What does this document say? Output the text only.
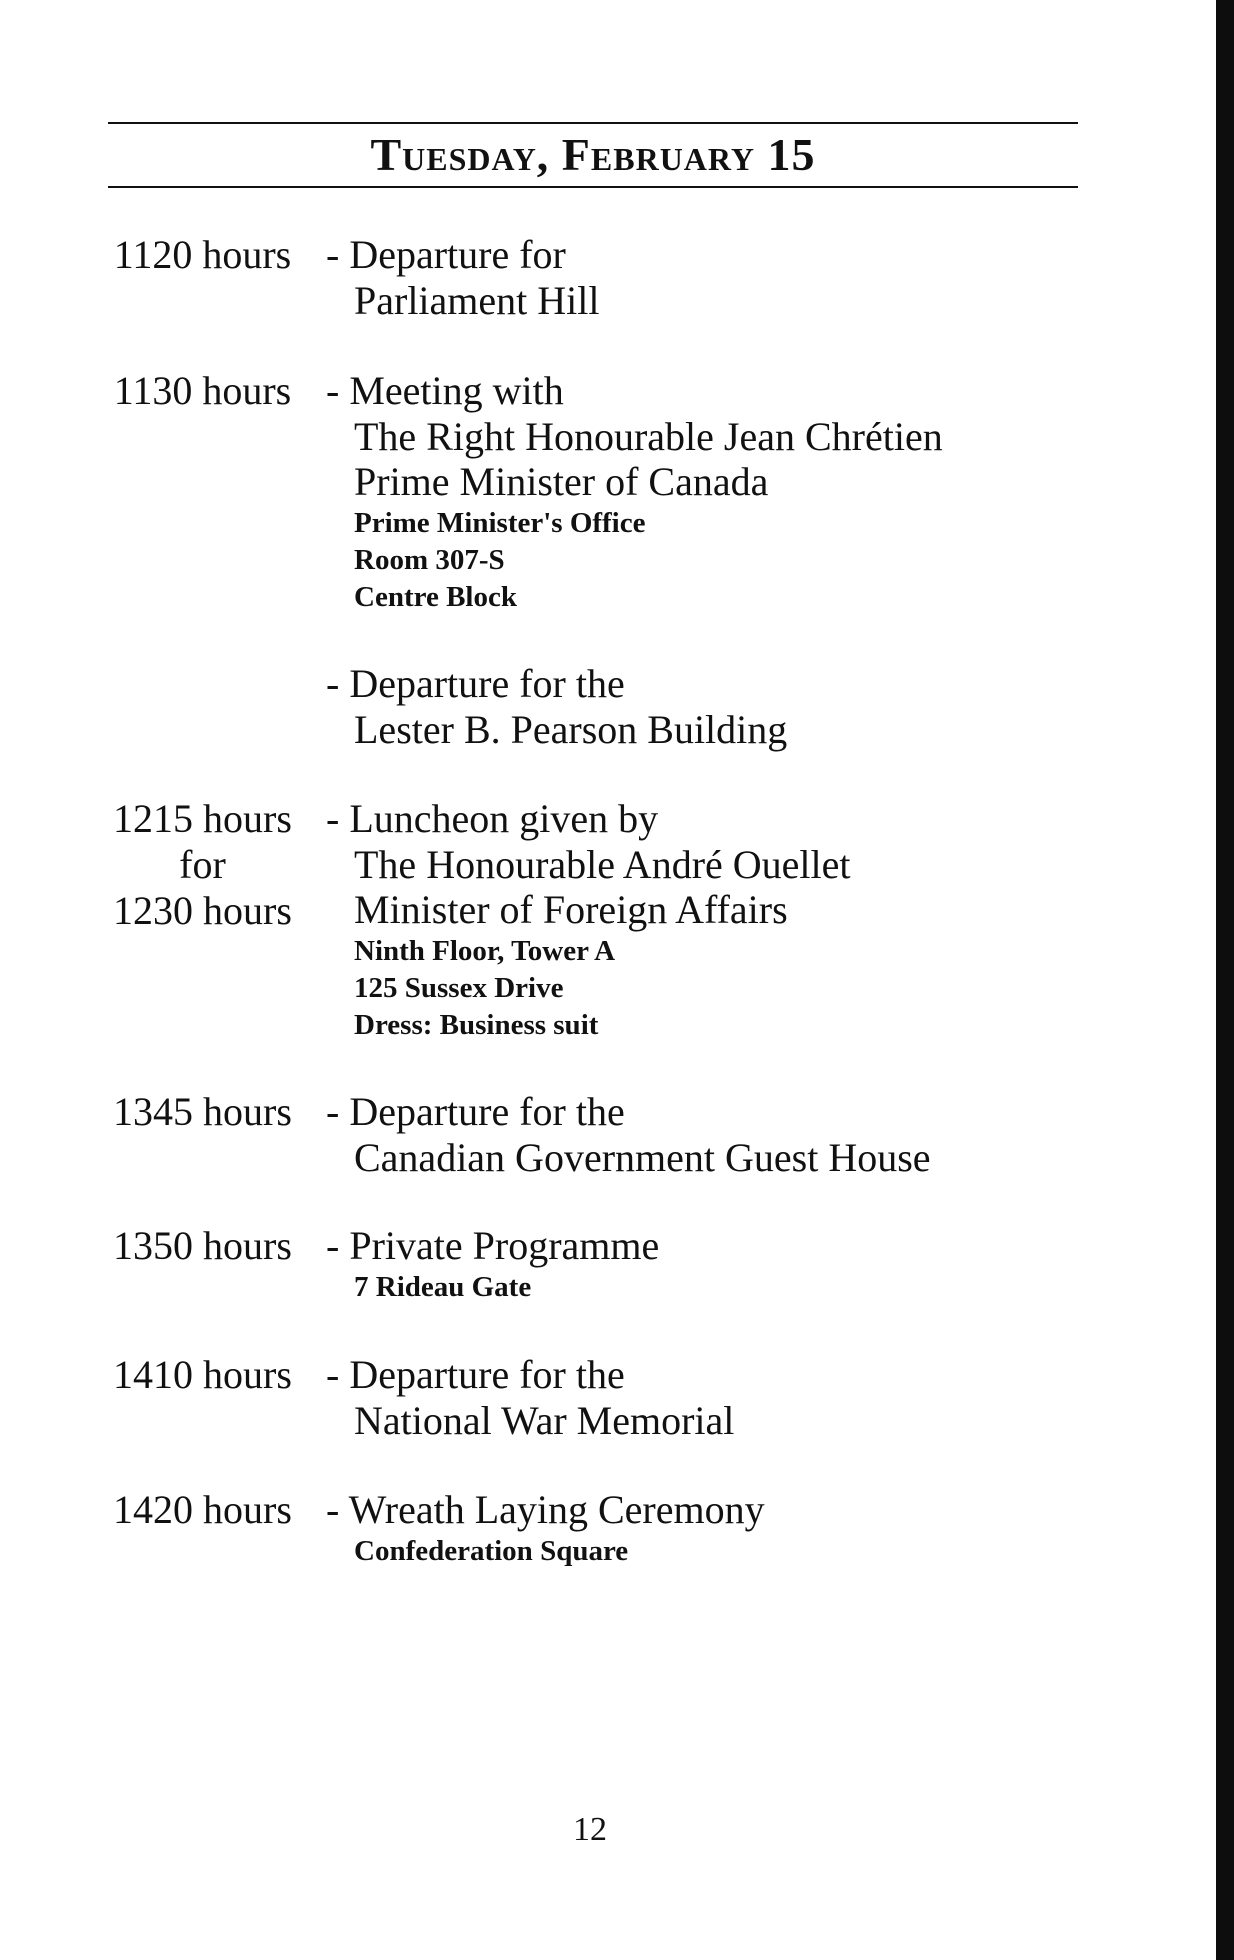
Tuesday, February 15
1120 hours - Departure for
Parliament Hill
1130 hours - Meeting with
The Right Honourable Jean Chrétien
Prime Minister of Canada
Prime Minister's Office
Room 307-S
Centre Block
- Departure for the
Lester B. Pearson Building
1215 hours
for
1230 hours
- Luncheon given by
The Honourable André Ouellet
Minister of Foreign Affairs
Ninth Floor, Tower A
125 Sussex Drive
Dress: Business suit
1345 hours - Departure for the
Canadian Government Guest House
1350 hours - Private Programme
7 Rideau Gate
1410 hours - Departure for the
National War Memorial
1420 hours - Wreath Laying Ceremony
Confederation Square
12
